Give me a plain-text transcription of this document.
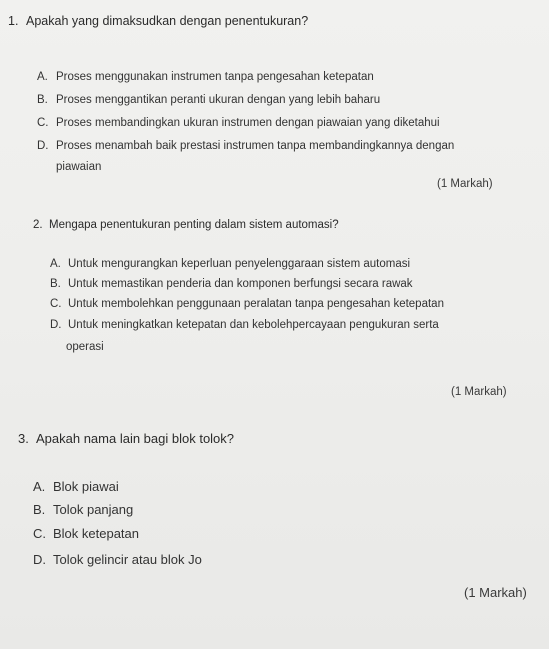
1. Apakah yang dimaksudkan dengan penentukuran?
A. Proses menggunakan instrumen tanpa pengesahan ketepatan
B. Proses menggantikan peranti ukuran dengan yang lebih baharu
C. Proses membandingkan ukuran instrumen dengan piawaian yang diketahui
D. Proses menambah baik prestasi instrumen tanpa membandingkannya dengan
piawaian
(1 Markah)
2. Mengapa penentukuran penting dalam sistem automasi?
A. Untuk mengurangkan keperluan penyelenggaraan sistem automasi
B. Untuk memastikan penderia dan komponen berfungsi secara rawak
C. Untuk membolehkan penggunaan peralatan tanpa pengesahan ketepatan
D. Untuk meningkatkan ketepatan dan kebolehpercayaan pengukuran serta
operasi
(1 Markah)
3. Apakah nama lain bagi blok tolok?
A. Blok piawai
B. Tolok panjang
C. Blok ketepatan
D. Tolok gelincir atau blok Jo
(1 Markah)
